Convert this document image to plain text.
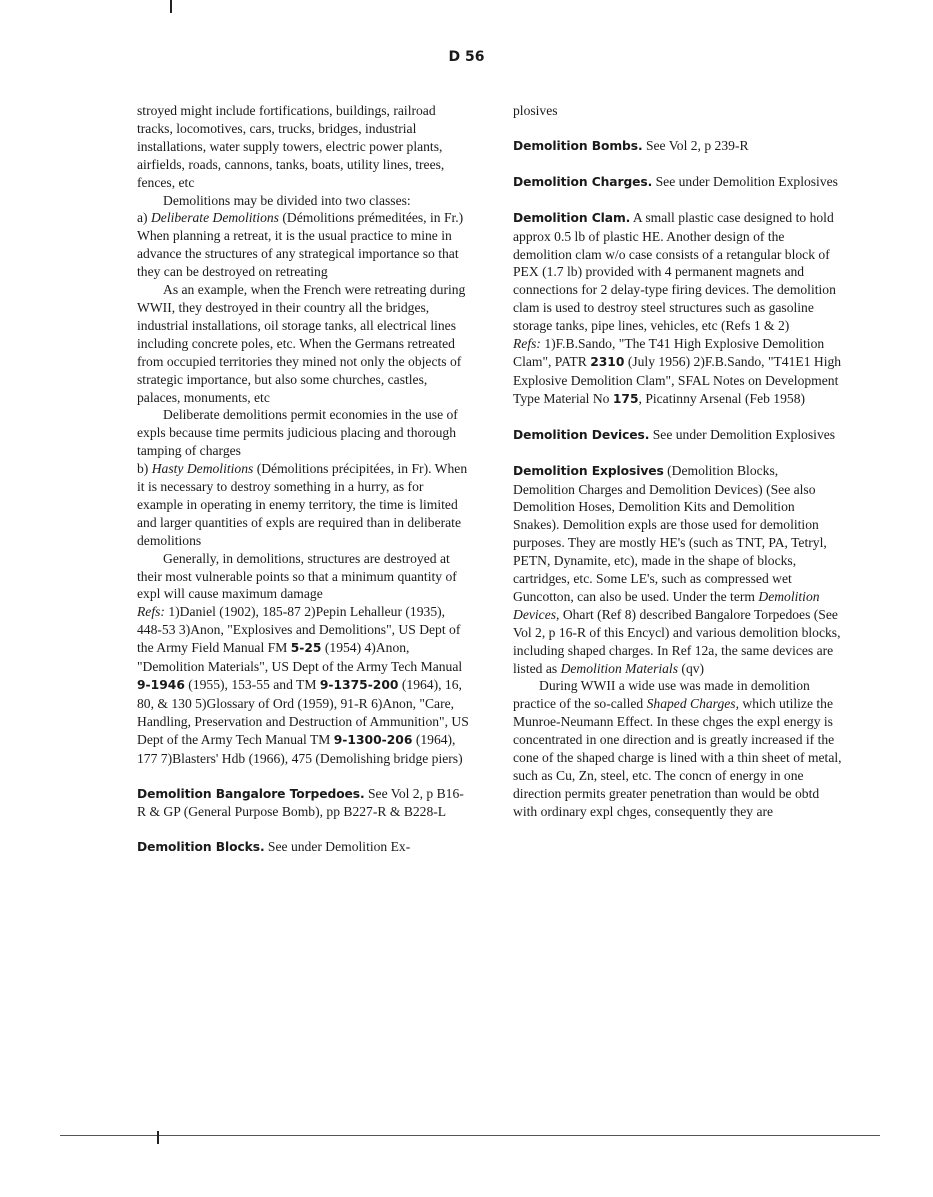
D 56

stroyed might include fortifications, buildings, railroad tracks, locomotives, cars, trucks, bridges, industrial installations, water supply towers, electric power plants, airfields, roads, cannons, tanks, boats, utility lines, trees, fences, etc

Demolitions may be divided into two classes:

a) Deliberate Demolitions (Démolitions prémeditées, in Fr.) When planning a retreat, it is the usual practice to mine in advance the structures of any strategical importance so that they can be destroyed on retreating

As an example, when the French were retreating during WWII, they destroyed in their country all the bridges, industrial installations, oil storage tanks, all electrical lines including concrete poles, etc. When the Germans retreated from occupied territories they mined not only the objects of strategic importance, but also some churches, castles, palaces, monuments, etc

Deliberate demolitions permit economies in the use of expls because time permits judicious placing and thorough tamping of charges

b) Hasty Demolitions (Démolitions précipitées, in Fr). When it is necessary to destroy something in a hurry, as for example in operating in enemy territory, the time is limited and larger quantities of expls are required than in deliberate demolitions

Generally, in demolitions, structures are destroyed at their most vulnerable points so that a minimum quantity of expl will cause maximum damage

Refs: 1)Daniel (1902), 185-87 2)Pepin Lehalleur (1935), 448-53 3)Anon, "Explosives and Demolitions", US Dept of the Army Field Manual FM 5-25 (1954) 4)Anon, "Demolition Materials", US Dept of the Army Tech Manual 9-1946 (1955), 153-55 and TM 9-1375-200 (1964), 16, 80, & 130 5)Glossary of Ord (1959), 91-R 6)Anon, "Care, Handling, Preservation and Destruction of Ammunition", US Dept of the Army Tech Manual TM 9-1300-206 (1964), 177 7)Blasters' Hdb (1966), 475 (Demolishing bridge piers)

Demolition Bangalore Torpedoes. See Vol 2, p B16-R & GP (General Purpose Bomb), pp B227-R & B228-L

Demolition Blocks. See under Demolition Ex-

plosives

Demolition Bombs. See Vol 2, p 239-R

Demolition Charges. See under Demolition Explosives

Demolition Clam. A small plastic case designed to hold approx 0.5 lb of plastic HE. Another design of the demolition clam w/o case consists of a retangular block of PEX (1.7 lb) provided with 4 permanent magnets and connections for 2 delay-type firing devices. The demolition clam is used to destroy steel structures such as gasoline storage tanks, pipe lines, vehicles, etc (Refs 1 & 2)

Refs: 1)F.B.Sando, "The T41 High Explosive Demolition Clam", PATR 2310 (July 1956) 2)F.B.Sando, "T41E1 High Explosive Demolition Clam", SFAL Notes on Development Type Material No 175, Picatinny Arsenal (Feb 1958)

Demolition Devices. See under Demolition Explosives

Demolition Explosives (Demolition Blocks, Demolition Charges and Demolition Devices) (See also Demolition Hoses, Demolition Kits and Demolition Snakes). Demolition expls are those used for demolition purposes. They are mostly HE's (such as TNT, PA, Tetryl, PETN, Dynamite, etc), made in the shape of blocks, cartridges, etc. Some LE's, such as compressed wet Guncotton, can also be used. Under the term Demolition Devices, Ohart (Ref 8) described Bangalore Torpedoes (See Vol 2, p 16-R of this Encycl) and various demolition blocks, including shaped charges. In Ref 12a, the same devices are listed as Demolition Materials (qv)

During WWII a wide use was made in demolition practice of the so-called Shaped Charges, which utilize the Munroe-Neumann Effect. In these chges the expl energy is concentrated in one direction and is greatly increased if the cone of the shaped charge is lined with a thin sheet of metal, such as Cu, Zn, steel, etc. The concn of energy in one direction permits greater penetration than would be obtd with ordinary expl chges, consequently they are
